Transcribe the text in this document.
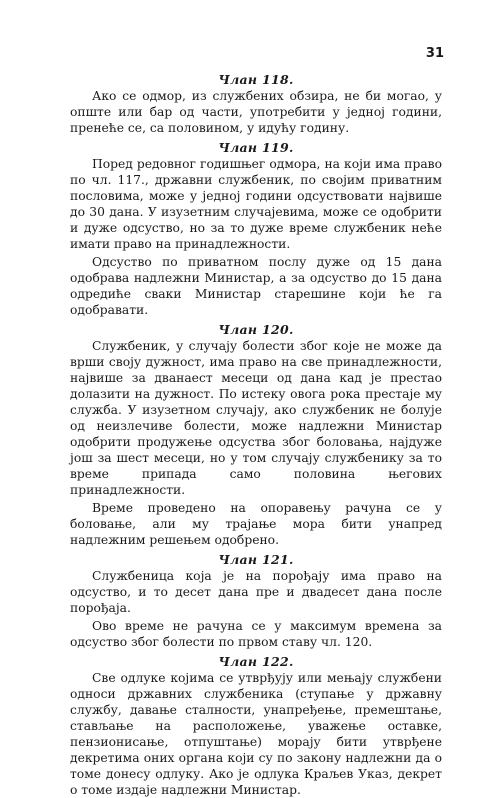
31
Члан 118.

Ако се одмор, из службених обзира, не би могао, у опште или бар од части, употребити у једној години, пренеће се, са половином, у идућу годину.

Члан 119.

Поред редовног годишњег одмора, на који има право по чл. 117., државни службеник, по својим приватним пословима, може у једној години одсуствовати највише до 30 дана. У изузетним случајевима, може се одобрити и дуже одсуство, но за то дуже време службеник неће имати право на принадлежности.

Одсуство по приватном послу дуже од 15 дана одобрава надлежни Министар, а за одсуство до 15 дана одредиће сваки Министар старешине који ће га одобравати.

Члан 120.

Службеник, у случају болести због које не може да врши своју дужност, има право на све принадлежности, највише за дванаест месеци од дана кад је престао долазити на дужност. По истеку овога рока престаје му служба. У изузетном случају, ако службеник не болује од неизлечиве болести, може надлежни Министар одобрити продужење одсуства због боловања, најдуже још за шест месеци, но у том случају службенику за то време припада само половина његових принадлежности.

Време проведено на опоравењу рачуна се у боловање, али му трајање мора бити унапред надлежним решењем одобрено.

Члан 121.

Службеница која је на порођају има право на одсуство, и то десет дана пре и двадесет дана после порођаја.

Ово време не рачуна се у максимум времена за одсуство због болести по првом ставу чл. 120.

Члан 122.

Све одлуке којима се утврђују или мењају службени односи државних службеника (ступање у државну службу, давање сталности, унапређење, премештање, стављање на расположење, уважење оставке, пензионисање, отпуштање) морају бити утврђене декретима оних органа који су по закону надлежни да о томе донесу одлуку. Ако је одлука Краљев Указ, декрет о томе издаје надлежни Министар.
